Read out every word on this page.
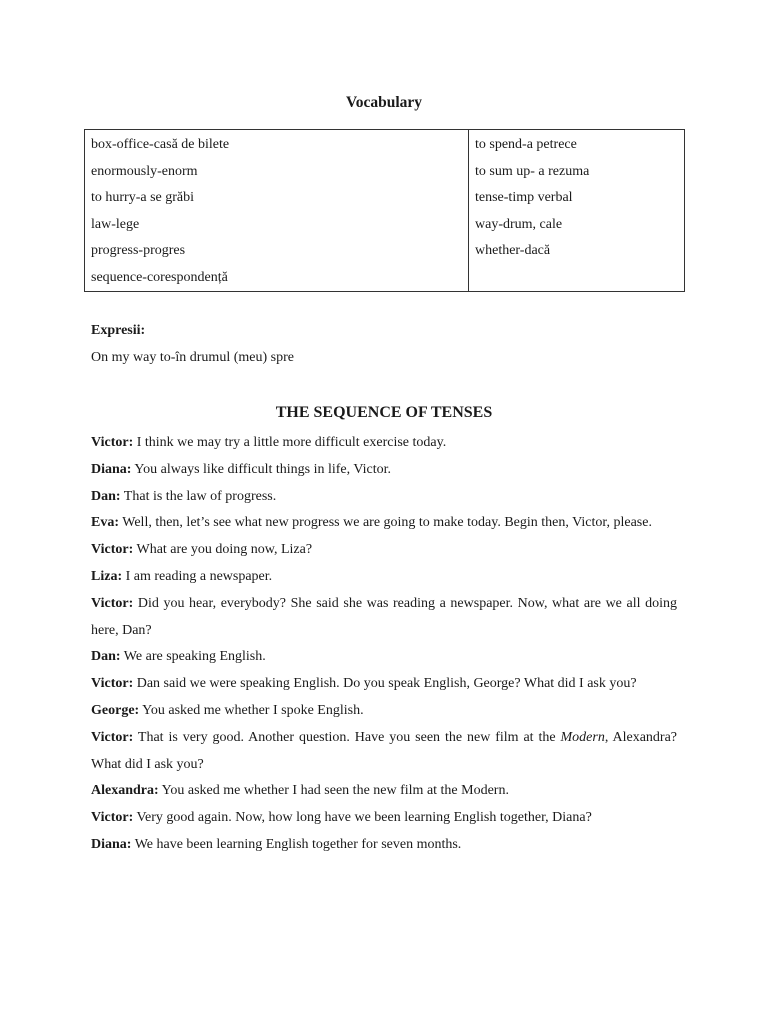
Vocabulary
box-office-casă de bilete
enormously-enorm
to hurry-a se grăbi
law-lege
progress-progres
sequence-corespondență
to spend-a petrece
to sum up- a rezuma
tense-timp verbal
way-drum, cale
whether-dacă
Expresii:
On my way to-în drumul (meu) spre
THE SEQUENCE OF TENSES
Victor: I think we may try a little more difficult exercise today.
Diana: You always like difficult things in life, Victor.
Dan: That is the law of progress.
Eva: Well, then, let’s see what new progress we are going to make today. Begin then, Victor, please.
Victor: What are you doing now, Liza?
Liza: I am reading a newspaper.
Victor: Did you hear, everybody? She said she was reading a newspaper. Now, what are we all doing here, Dan?
Dan: We are speaking English.
Victor: Dan said we were speaking English. Do you speak English, George? What did I ask you?
George: You asked me whether I spoke English.
Victor: That is very good. Another question. Have you seen the new film at the Modern, Alexandra? What did I ask you?
Alexandra: You asked me whether I had seen the new film at the Modern.
Victor: Very good again. Now, how long have we been learning English together, Diana?
Diana: We have been learning English together for seven months.
